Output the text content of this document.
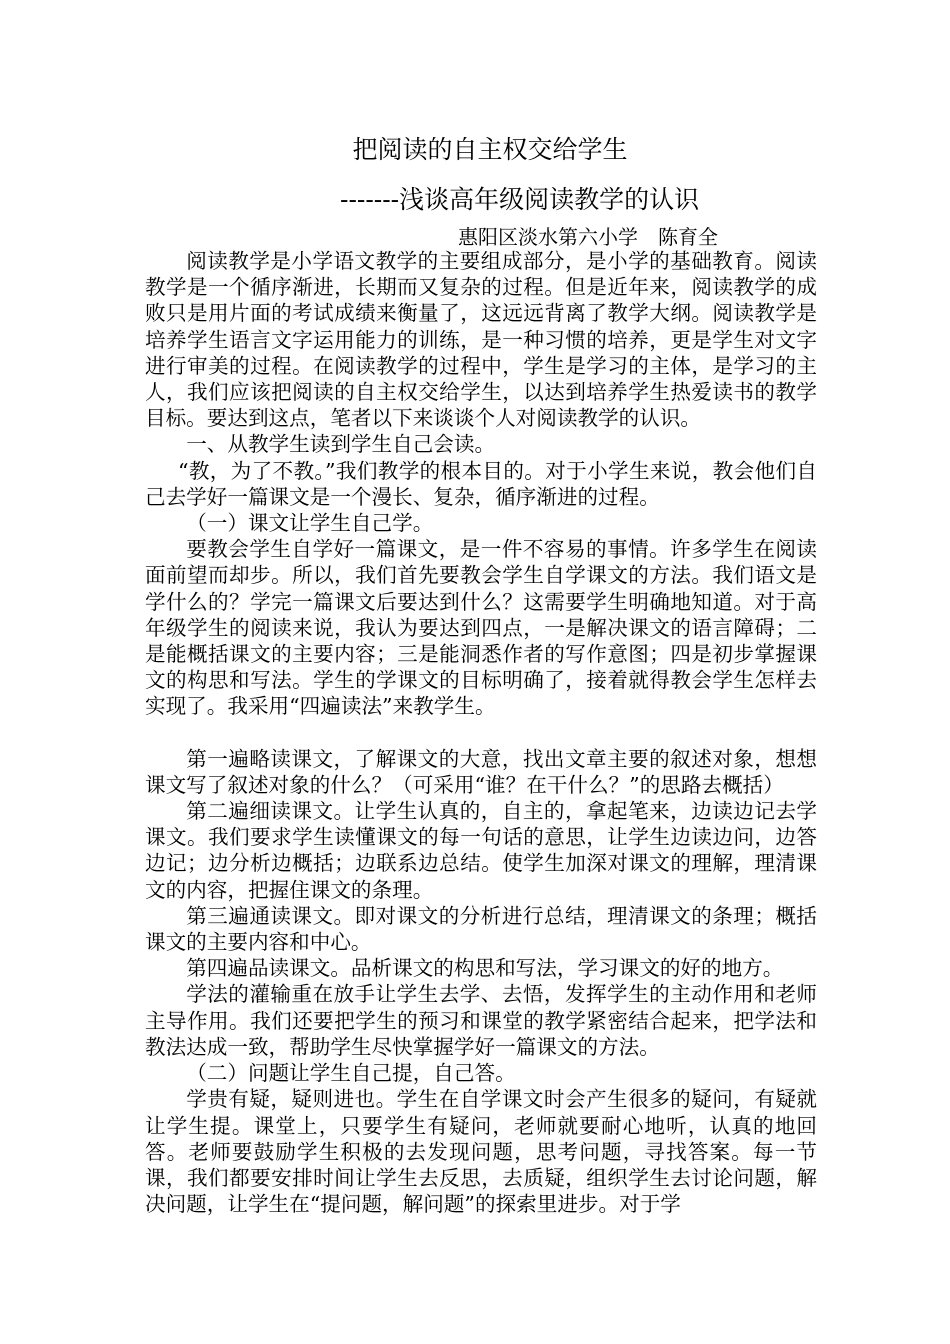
把阅读的自主权交给学生
-------浅谈高年级阅读教学的认识
惠阳区淡水第六小学　陈育全

阅读教学是小学语文教学的主要组成部分，是小学的基础教育。阅读教学是一个循序渐进，长期而又复杂的过程。但是近年来，阅读教学的成败只是用片面的考试成绩来衡量了，这远远背离了教学大纲。阅读教学是培养学生语言文字运用能力的训练，是一种习惯的培养，更是学生对文字进行审美的过程。在阅读教学的过程中，学生是学习的主体，是学习的主人，我们应该把阅读的自主权交给学生，以达到培养学生热爱读书的教学目标。要达到这点，笔者以下来谈谈个人对阅读教学的认识。

一、从教学生读到学生自己会读。

“教，为了不教。”我们教学的根本目的。对于小学生来说，教会他们自己去学好一篇课文是一个漫长、复杂，循序渐进的过程。

（一）课文让学生自己学。

要教会学生自学好一篇课文，是一件不容易的事情。许多学生在阅读面前望而却步。所以，我们首先要教会学生自学课文的方法。我们语文是学什么的？学完一篇课文后要达到什么？这需要学生明确地知道。对于高年级学生的阅读来说，我认为要达到四点，一是解决课文的语言障碍；二是能概括课文的主要内容；三是能洞悉作者的写作意图；四是初步掌握课文的构思和写法。学生的学课文的目标明确了，接着就得教会学生怎样去实现了。我采用“四遍读法”来教学生。

第一遍略读课文，了解课文的大意，找出文章主要的叙述对象，想想课文写了叙述对象的什么？（可采用“谁？在干什么？”的思路去概括）

第二遍细读课文。让学生认真的，自主的，拿起笔来，边读边记去学课文。我们要求学生读懂课文的每一句话的意思，让学生边读边问，边答边记；边分析边概括；边联系边总结。使学生加深对课文的理解，理清课文的内容，把握住课文的条理。

第三遍通读课文。即对课文的分析进行总结，理清课文的条理；概括课文的主要内容和中心。

第四遍品读课文。品析课文的构思和写法，学习课文的好的地方。

学法的灌输重在放手让学生去学、去悟，发挥学生的主动作用和老师主导作用。我们还要把学生的预习和课堂的教学紧密结合起来，把学法和教法达成一致，帮助学生尽快掌握学好一篇课文的方法。

（二）问题让学生自己提，自己答。

学贵有疑，疑则进也。学生在自学课文时会产生很多的疑问，有疑就让学生提。课堂上，只要学生有疑问，老师就要耐心地听，认真的地回答。老师要鼓励学生积极的去发现问题，思考问题，寻找答案。每一节课，我们都要安排时间让学生去反思，去质疑，组织学生去讨论问题，解决问题，让学生在“提问题，解问题”的探索里进步。对于学
